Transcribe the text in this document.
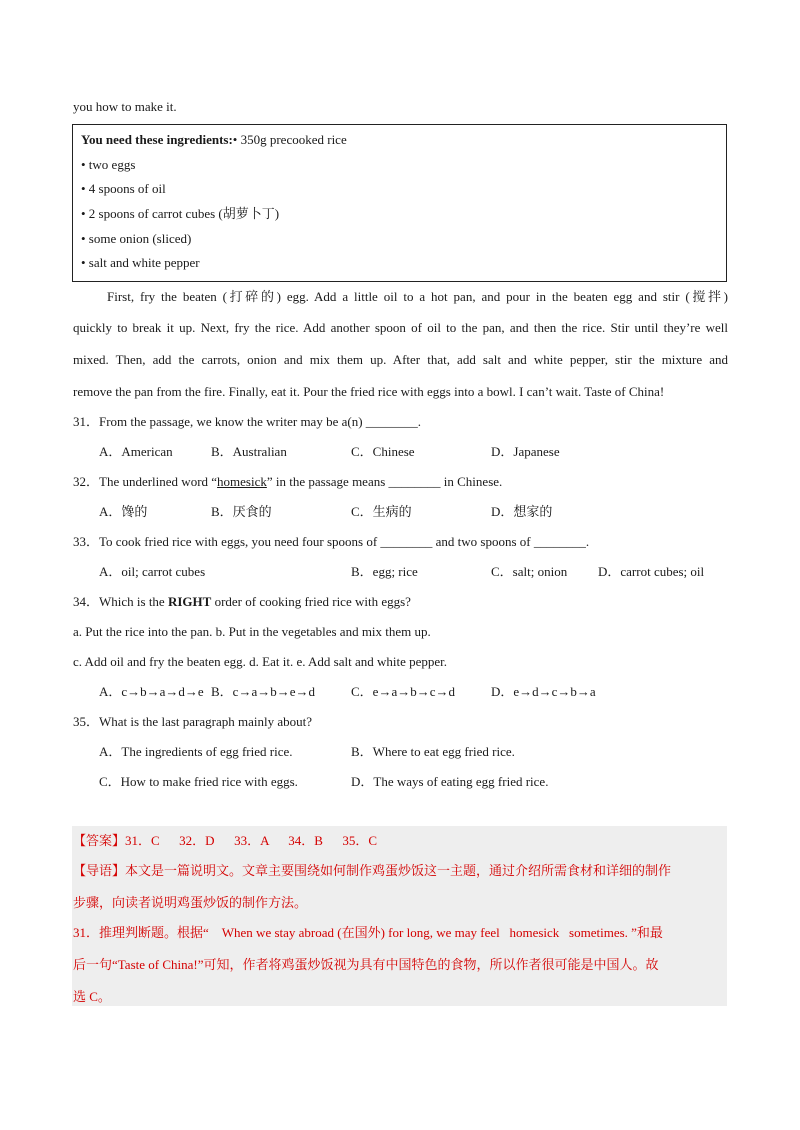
you how to make it.
You need these ingredients:• 350g precooked rice
• two eggs
• 4 spoons of oil
• 2 spoons of carrot cubes (胡萝卜丁)
• some onion (sliced)
• salt and white pepper
First, fry the beaten (打碎的) egg. Add a little oil to a hot pan, and pour in the beaten egg and stir (搅拌)
quickly to break it up. Next, fry the rice. Add another spoon of oil to the pan, and then the rice. Stir until they’re well
mixed. Then, add the carrots, onion and mix them up. After that, add salt and white pepper, stir the mixture and
remove the pan from the fire. Finally, eat it. Pour the fried rice with eggs into a bowl. I can’t wait. Taste of China!
31．From the passage, we know the writer may be a(n) ________.
A．American	B．Australian	C．Chinese	D．Japanese
32．The underlined word “homesick” in the passage means ________ in Chinese.
A．馋的	B．厌食的	C．生病的	D．想家的
33．To cook fried rice with eggs, you need four spoons of ________ and two spoons of ________.
A．oil; carrot cubes	B．egg; rice	C．salt; onion D．carrot cubes; oil
34．Which is the RIGHT order of cooking fried rice with eggs?
a. Put the rice into the pan. b. Put in the vegetables and mix them up.
c. Add oil and fry the beaten egg. d. Eat it. e. Add salt and white pepper.
A．c→b→a→d→e B．c→a→b→e→d	C．e→a→b→c→d	D．e→d→c→b→a
35．What is the last paragraph mainly about?
A．The ingredients of egg fried rice.	B．Where to eat egg fried rice.
C．How to make fried rice with eggs.	D．The ways of eating egg fried rice.
【答案】31．C      32．D      33．A      34．B      35．C
【导语】本文是一篇说明文。文章主要围绕如何制作鸡蛋炒饭这一主题，通过介绍所需食材和详细的制作
步骤，向读者说明鸡蛋炒饭的制作方法。
31．推理判断题。根据“    When we stay abroad (在国外) for long, we may feel   homesick   sometimes. ”和最
后一句“Taste of China!”可知，作者将鸡蛋炒饭视为具有中国特色的食物，所以作者很可能是中国人。故
选 C。
